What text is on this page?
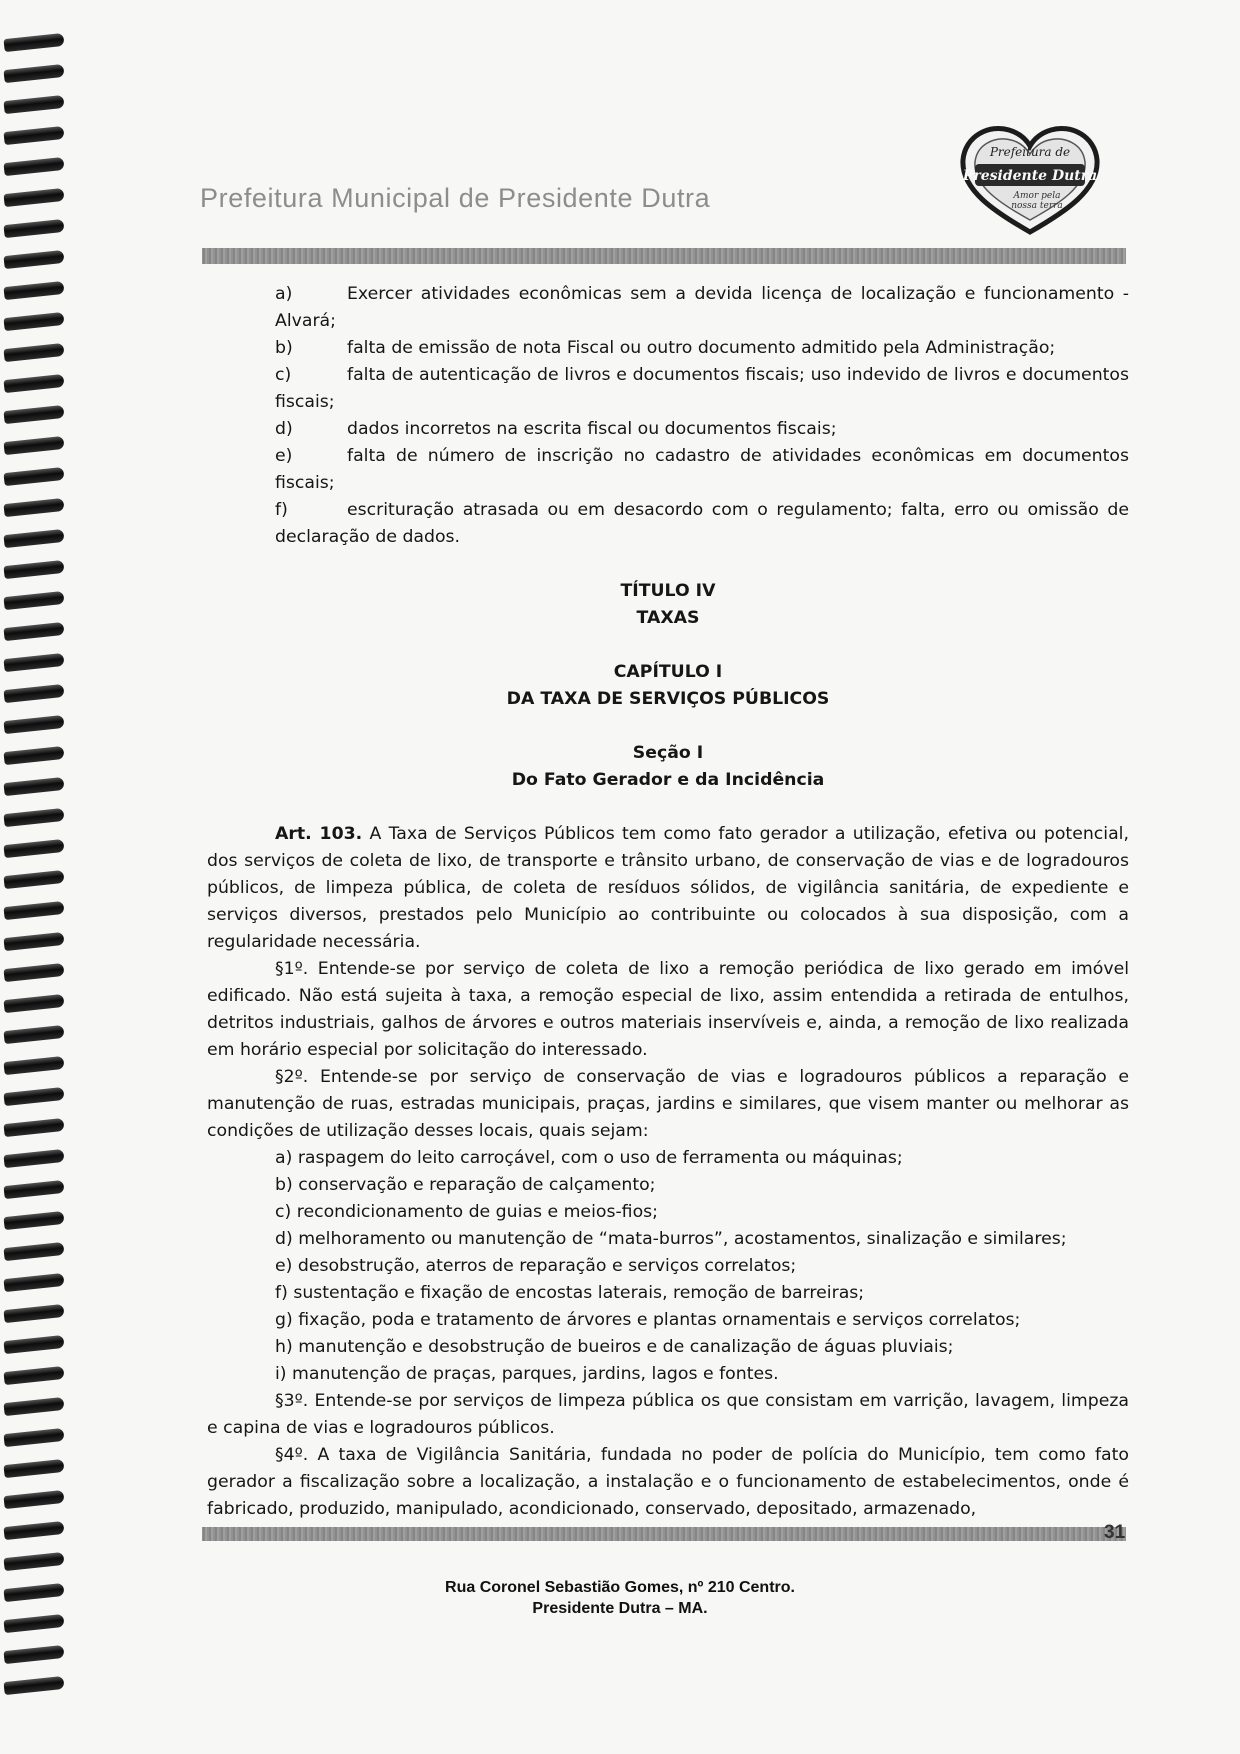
Prefeitura Municipal de Presidente Dutra
Prefeitura de
Presidente Dutra
Amor pela
nossa terra
a)	Exercer atividades econômicas sem a devida licença de localização e funcionamento - Alvará;
b)	falta de emissão de nota Fiscal ou outro documento admitido pela Administração;
c)	falta de autenticação de livros e documentos fiscais; uso indevido de livros e documentos fiscais;
d)	dados incorretos na escrita fiscal ou documentos fiscais;
e)	falta de número de inscrição no cadastro de atividades econômicas em documentos fiscais;
f)	escrituração atrasada ou em desacordo com o regulamento; falta, erro ou omissão de declaração de dados.

TÍTULO IV

TAXAS

CAPÍTULO I

DA TAXA DE SERVIÇOS PÚBLICOS

Seção I

Do Fato Gerador e da Incidência

Art. 103. A Taxa de Serviços Públicos tem como fato gerador a utilização, efetiva ou potencial, dos serviços de coleta de lixo, de transporte e trânsito urbano, de conservação de vias e de logradouros públicos, de limpeza pública, de coleta de resíduos sólidos, de vigilância sanitária, de expediente e serviços diversos, prestados pelo Município ao contribuinte ou colocados à sua disposição, com a regularidade necessária.

§1º. Entende-se por serviço de coleta de lixo a remoção periódica de lixo gerado em imóvel edificado. Não está sujeita à taxa, a remoção especial de lixo, assim entendida a retirada de entulhos, detritos industriais, galhos de árvores e outros materiais inservíveis e, ainda, a remoção de lixo realizada em horário especial por solicitação do interessado.

§2º. Entende-se por serviço de conservação de vias e logradouros públicos a reparação e manutenção de ruas, estradas municipais, praças, jardins e similares, que visem manter ou melhorar as condições de utilização desses locais, quais sejam:

a) raspagem do leito carroçável, com o uso de ferramenta ou máquinas;

b) conservação e reparação de calçamento;

c) recondicionamento de guias e meios-fios;

d) melhoramento ou manutenção de “mata-burros”, acostamentos, sinalização e similares;

e) desobstrução, aterros de reparação e serviços correlatos;

f) sustentação e fixação de encostas laterais, remoção de barreiras;

g) fixação, poda e tratamento de árvores e plantas ornamentais e serviços correlatos;

h) manutenção e desobstrução de bueiros e de canalização de águas pluviais;

i) manutenção de praças, parques, jardins, lagos e fontes.

§3º. Entende-se por serviços de limpeza pública os que consistam em varrição, lavagem, limpeza e capina de vias e logradouros públicos.

§4º. A taxa de Vigilância Sanitária, fundada no poder de polícia do Município, tem como fato gerador a fiscalização sobre a localização, a instalação e o funcionamento de estabelecimentos, onde é fabricado, produzido, manipulado, acondicionado, conservado, depositado, armazenado,

31
Rua Coronel Sebastião Gomes, nº 210 Centro.
Presidente Dutra – MA.
